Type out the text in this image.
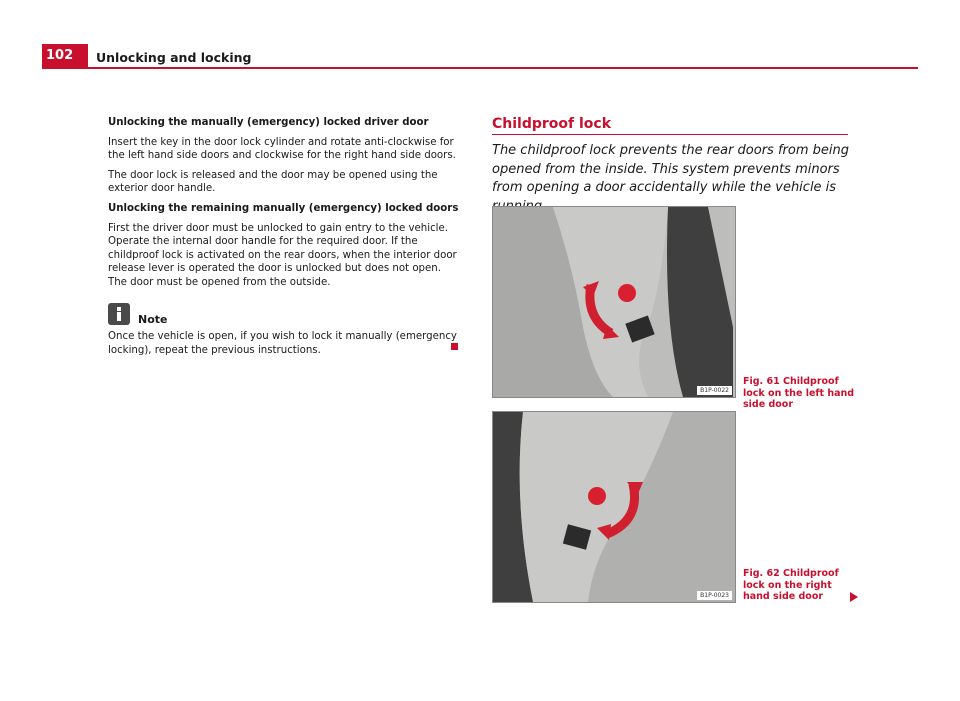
102	Unlocking and locking
Unlocking the manually (emergency) locked driver door

Insert the key in the door lock cylinder and rotate anti-clockwise for the left hand side doors and clockwise for the right hand side doors.

The door lock is released and the door may be opened using the exterior door handle.

Unlocking the remaining manually (emergency) locked doors

First the driver door must be unlocked to gain entry to the vehicle. Operate the internal door handle for the required door. If the childproof lock is activated on the rear doors, when the interior door release lever is operated the door is unlocked but does not open. The door must be opened from the outside.

Note
Once the vehicle is open, if you wish to lock it manually (emergency locking), repeat the previous instructions.
Childproof lock
The childproof lock prevents the rear doors from being opened from the inside. This system prevents minors from opening a door accidentally while the vehicle is
B1P-0022
Fig. 61 Childproof lock on the left hand side door
B1P-0023
Fig. 62 Childproof lock on the right hand side door
